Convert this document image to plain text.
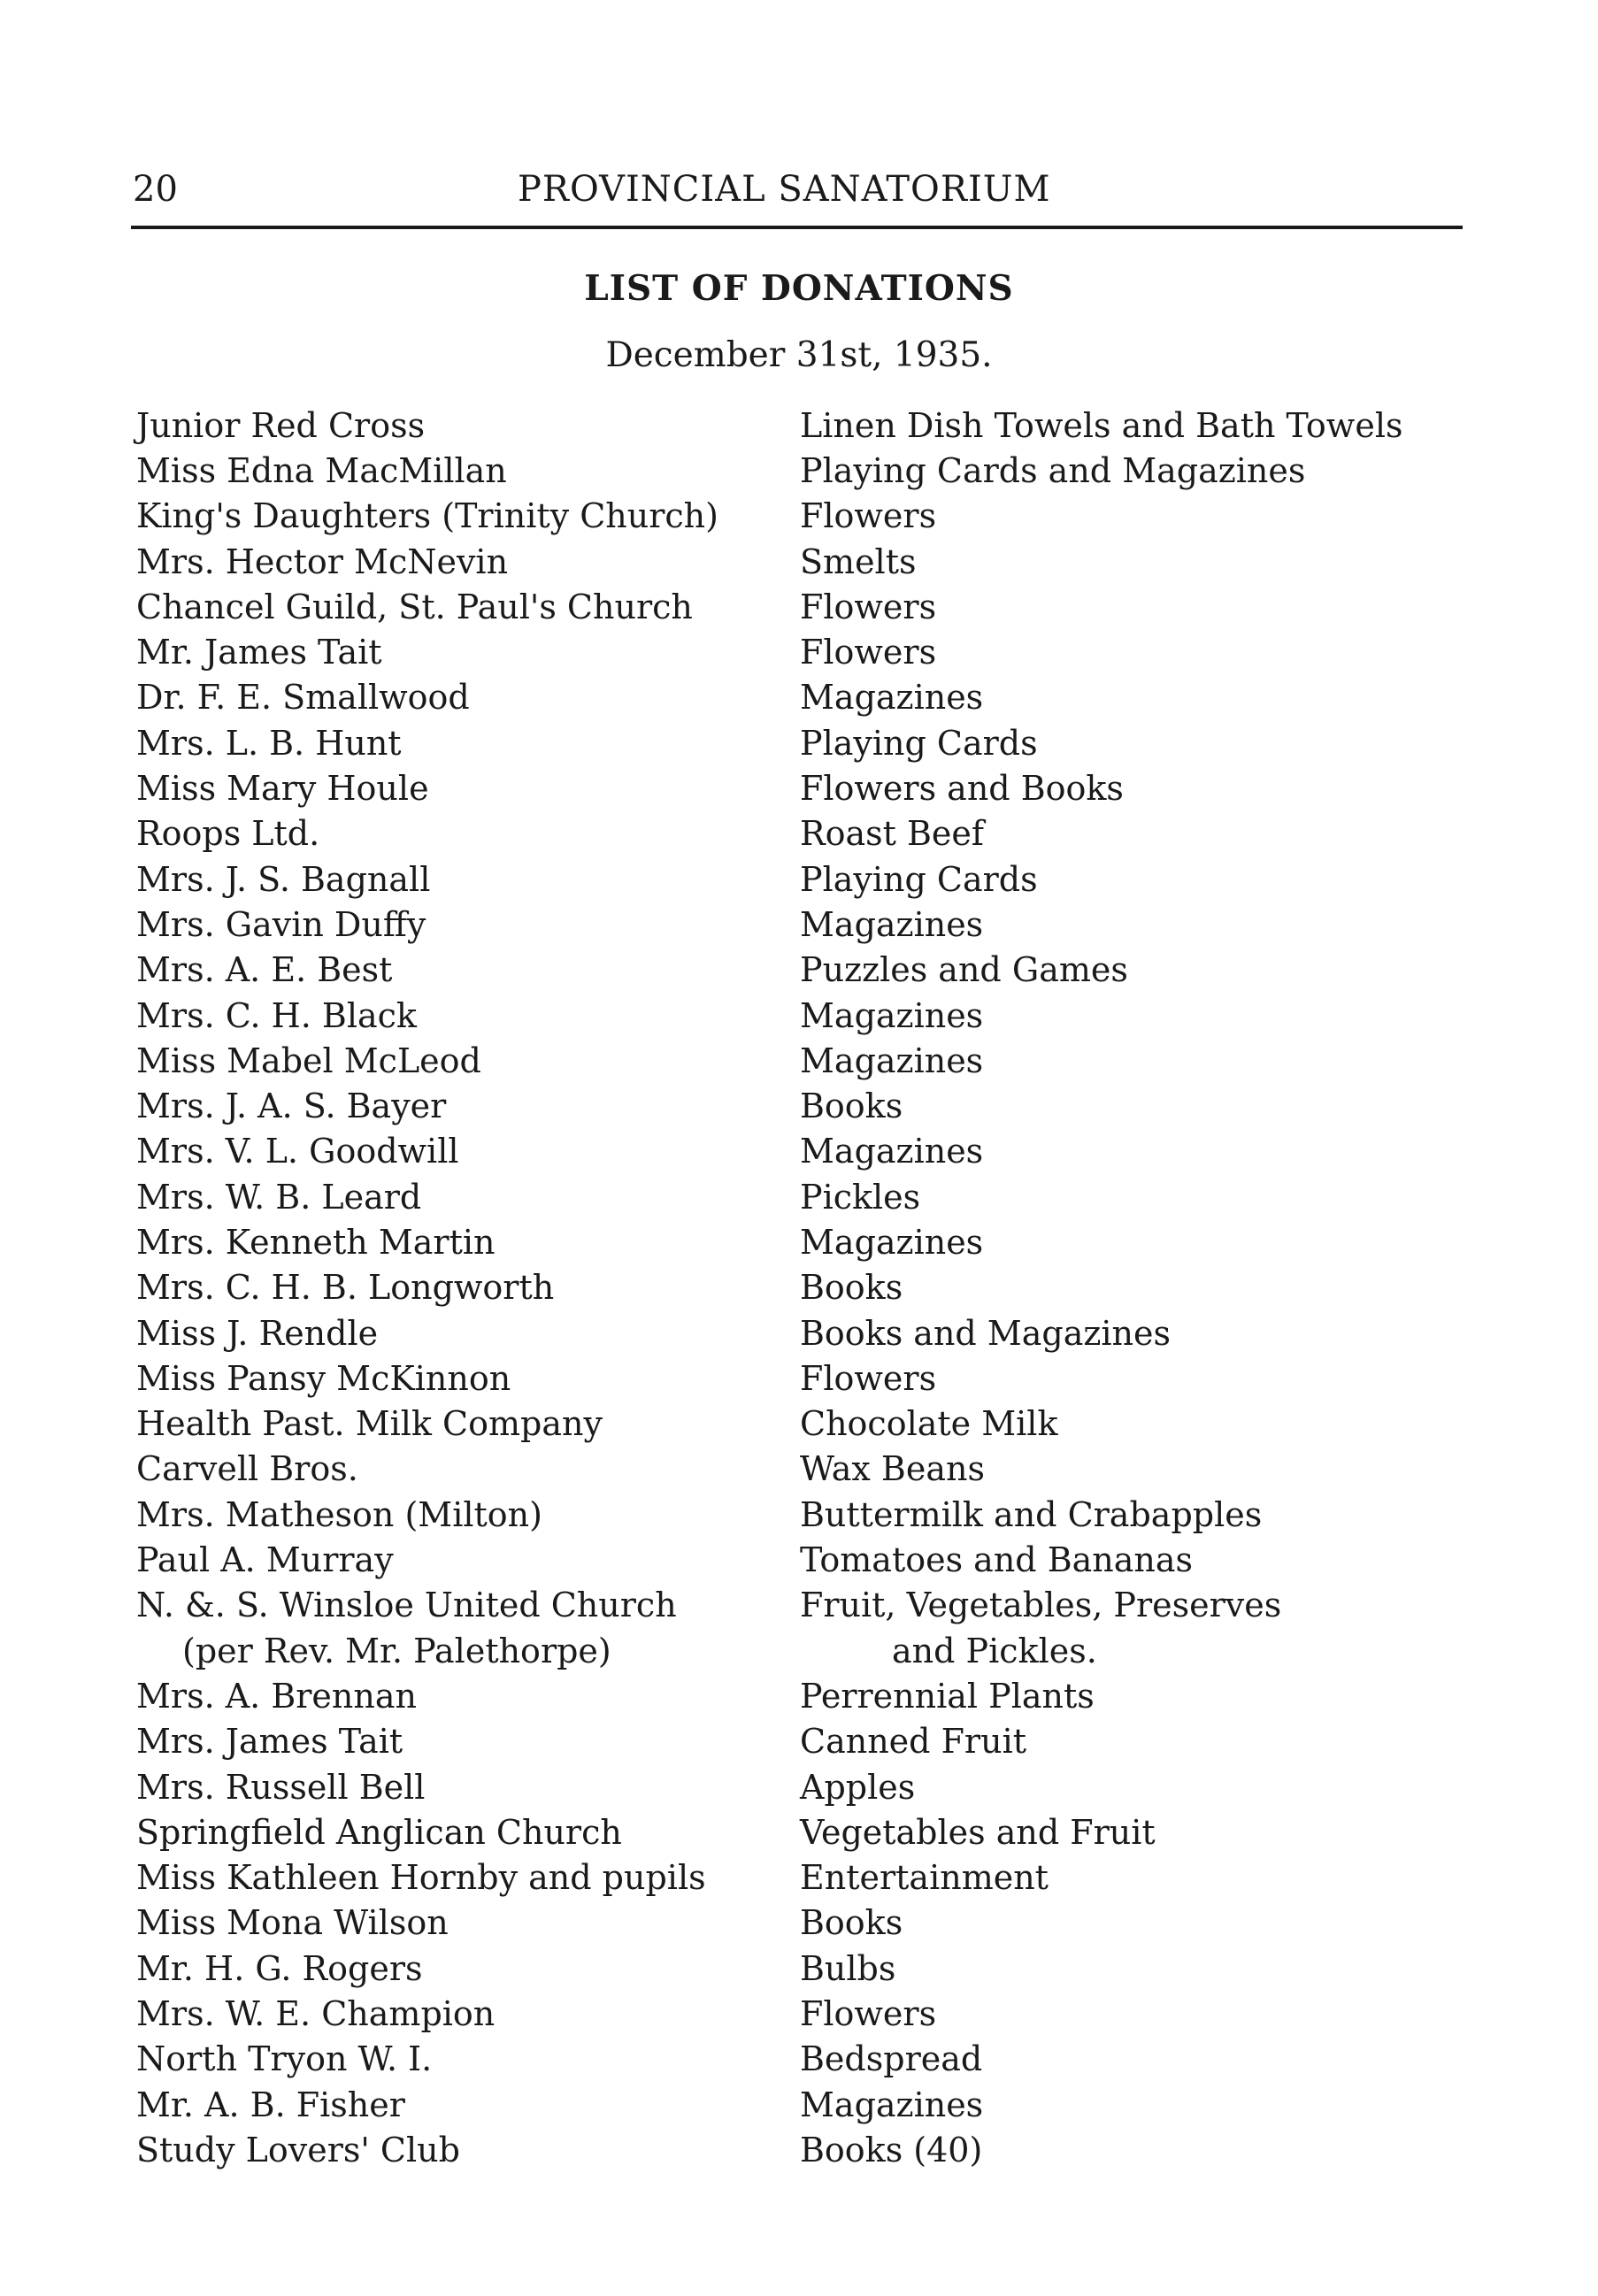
20	PROVINCIAL SANATORIUM
LIST OF DONATIONS
December 31st, 1935.
Junior Red Cross	Linen Dish Towels and Bath Towels
Miss Edna MacMillan	Playing Cards and Magazines
King's Daughters (Trinity Church)	Flowers
Mrs. Hector McNevin	Smelts
Chancel Guild, St. Paul's Church	Flowers
Mr. James Tait	Flowers
Dr. F. E. Smallwood	Magazines
Mrs. L. B. Hunt	Playing Cards
Miss Mary Houle	Flowers and Books
Roops Ltd.	Roast Beef
Mrs. J. S. Bagnall	Playing Cards
Mrs. Gavin Duffy	Magazines
Mrs. A. E. Best	Puzzles and Games
Mrs. C. H. Black	Magazines
Miss Mabel McLeod	Magazines
Mrs. J. A. S. Bayer	Books
Mrs. V. L. Goodwill	Magazines
Mrs. W. B. Leard	Pickles
Mrs. Kenneth Martin	Magazines
Mrs. C. H. B. Longworth	Books
Miss J. Rendle	Books and Magazines
Miss Pansy McKinnon	Flowers
Health Past. Milk Company	Chocolate Milk
Carvell Bros.	Wax Beans
Mrs. Matheson (Milton)	Buttermilk and Crabapples
Paul A. Murray	Tomatoes and Bananas
N. &. S. Winsloe United Church	Fruit, Vegetables, Preserves
(per Rev. Mr. Palethorpe)	and Pickles.
Mrs. A. Brennan	Perrennial Plants
Mrs. James Tait	Canned Fruit
Mrs. Russell Bell	Apples
Springfield Anglican Church	Vegetables and Fruit
Miss Kathleen Hornby and pupils	Entertainment
Miss Mona Wilson	Books
Mr. H. G. Rogers	Bulbs
Mrs. W. E. Champion	Flowers
North Tryon W. I.	Bedspread
Mr. A. B. Fisher	Magazines
Study Lovers' Club	Books (40)
